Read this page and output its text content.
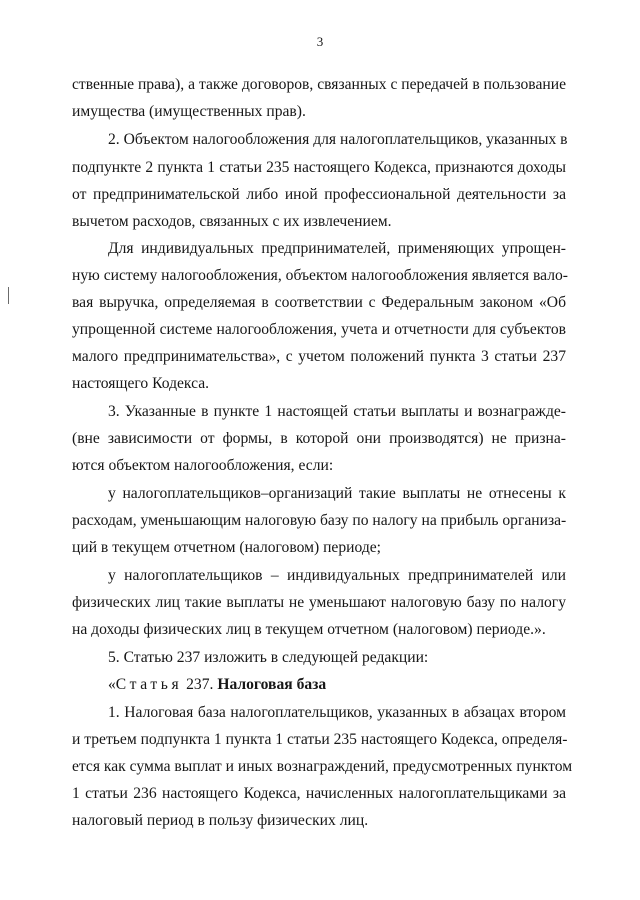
3
ственные права), а также договоров, связанных с передачей в пользование
имущества (имущественных прав).
2. Объектом налогообложения для налогоплательщиков, указанных в
подпункте 2 пункта 1 статьи 235 настоящего Кодекса, признаются доходы
от предпринимательской либо иной профессиональной деятельности за
вычетом расходов, связанных с их извлечением.
Для индивидуальных предпринимателей, применяющих упрощен-
ную систему налогообложения, объектом налогообложения является вало-
вая выручка, определяемая в соответствии с Федеральным законом «Об
упрощенной системе налогообложения, учета и отчетности для субъектов
малого предпринимательства», с учетом положений пункта 3 статьи 237
настоящего Кодекса.
3. Указанные в пункте 1 настоящей статьи выплаты и вознагражде-
(вне зависимости от формы, в которой они производятся) не призна-
ются объектом налогообложения, если:
у налогоплательщиков–организаций такие выплаты не отнесены к
расходам, уменьшающим налоговую базу по налогу на прибыль организа-
ций в текущем отчетном (налоговом) периоде;
у налогоплательщиков – индивидуальных предпринимателей или
физических лиц такие выплаты не уменьшают налоговую базу по налогу
на доходы физических лиц в текущем отчетном (налоговом) периоде.».
5. Статью 237 изложить в следующей редакции:
«Статья 237. Налоговая база
1. Налоговая база налогоплательщиков, указанных в абзацах втором
и третьем подпункта 1 пункта 1 статьи 235 настоящего Кодекса, определя-
ется как сумма выплат и иных вознаграждений, предусмотренных пунктом
1 статьи 236 настоящего Кодекса, начисленных налогоплательщиками за
налоговый период в пользу физических лиц.
